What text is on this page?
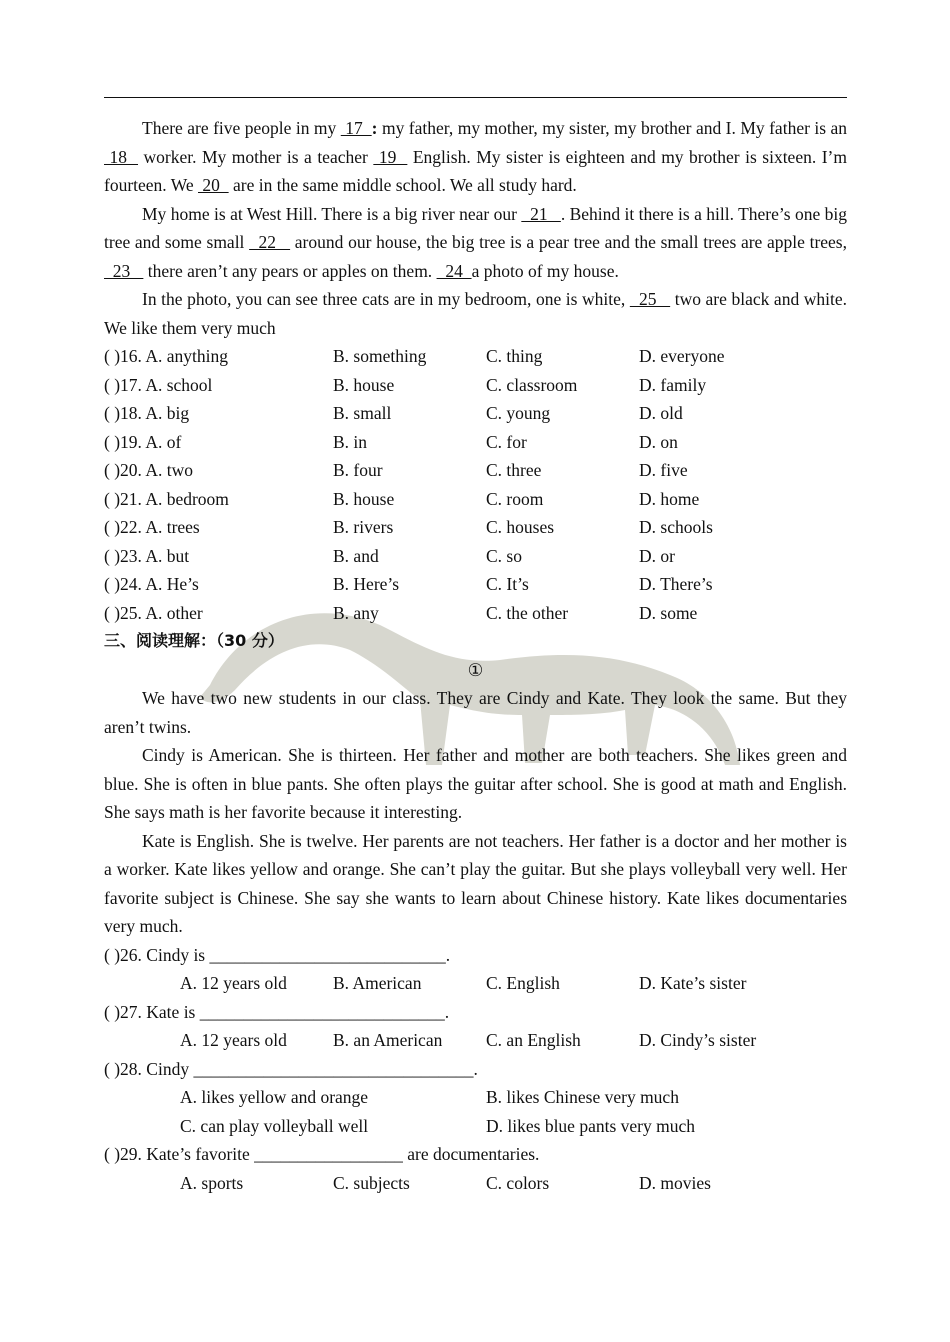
There are five people in my  17  : my father, my mother, my sister, my brother and I. My father is an  18   worker. My mother is a teacher  19   English. My sister is eighteen and my brother is sixteen. I’m fourteen. We  20   are in the same middle school. We all study hard.

My home is at West Hill. There is a big river near our   21   . Behind it there is a hill. There’s one big tree and some small   22    around our house, the big tree is a pear tree and the small trees are apple trees,   23    there aren’t any pears or apples on them.   24  a photo of my house.

In the photo, you can see three cats are in my bedroom, one is white,   25    two are black and white. We like them very much

( )16. A. anything	B. something	C. thing	D. everyone
( )17. A. school	B. house	C. classroom	D. family
( )18. A. big	B. small	C. young	D. old
( )19. A. of	B. in	C. for	D. on
( )20. A. two	B. four	C. three	D. five
( )21. A. bedroom	B. house	C. room	D. home
( )22. A. trees	B. rivers	C. houses	D. schools
( )23. A. but	B. and	C. so	D. or
( )24. A. He’s	B. Here’s	C. It’s	D. There’s
( )25. A. other	B. any	C. the other	D. some
三、阅读理解：（30 分）
①

We have two new students in our class. They are Cindy and Kate. They look the same. But they aren’t twins.

Cindy is American. She is thirteen. Her father and mother are both teachers. She likes green and blue. She is often in blue pants. She often plays the guitar after school. She is good at math and English. She says math is her favorite because it interesting.

Kate is English. She is twelve. Her parents are not teachers. Her father is a doctor and her mother is a worker. Kate likes yellow and orange. She can’t play the guitar. But she plays volleyball very well. Her favorite subject is Chinese. She say she wants to learn about Chinese history. Kate likes documentaries very much.

( )26. Cindy is ___________________________.
A. 12 years old	B. American	C. English	D. Kate’s sister
( )27. Kate is ____________________________.
A. 12 years old	B. an American	C. an English	D. Cindy’s sister
( )28. Cindy ________________________________.
A. likes yellow and orange	B. likes Chinese very much
C. can play volleyball well	D. likes blue pants very much
( )29. Kate’s favorite _________________ are documentaries.
A. sports	C. subjects	C. colors	D. movies
